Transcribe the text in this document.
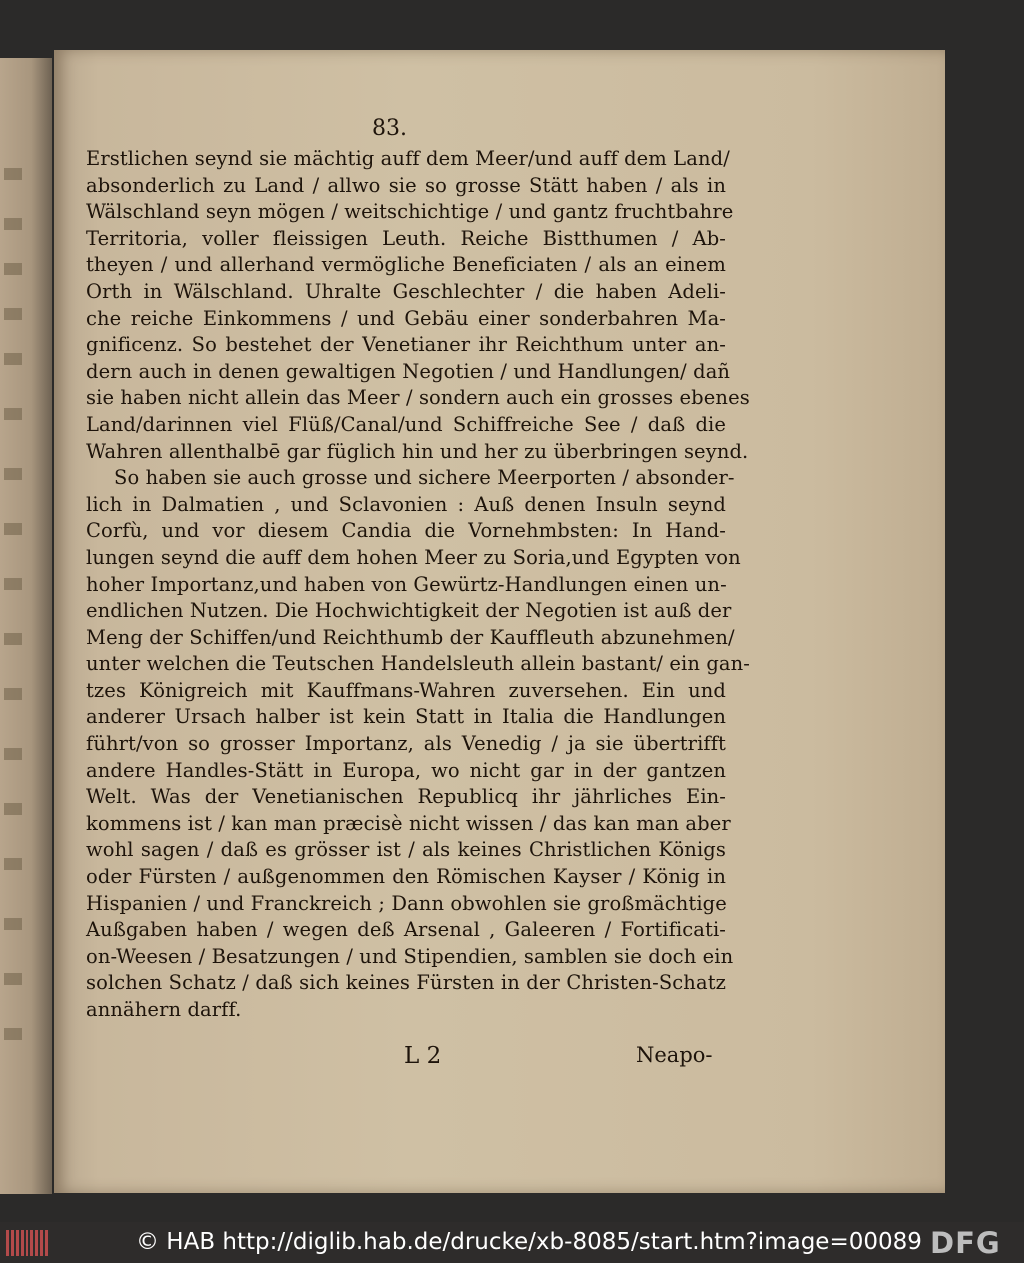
83.
Erstlichen seynd sie mächtig auff dem Meer/und auff dem Land/
absonderlich zu Land / allwo sie so grosse Stätt haben / als in
Wälschland seyn mögen / weitschichtige / und gantz fruchtbahre
Territoria, voller fleissigen Leuth. Reiche Bistthumen / Ab-
theyen / und allerhand vermögliche Beneficiaten / als an einem
Orth in Wälschland. Uhralte Geschlechter / die haben Adeli-
che reiche Einkommens / und Gebäu einer sonderbahren Ma-
gnificenz. So bestehet der Venetianer ihr Reichthum unter an-
dern auch in denen gewaltigen Negotien / und Handlungen/ dañ
sie haben nicht allein das Meer / sondern auch ein grosses ebenes
Land/darinnen viel Flüß/Canal/und Schiffreiche See / daß die
Wahren allenthalbē gar füglich hin und her zu überbringen seynd.
So haben sie auch grosse und sichere Meerporten / absonder-
lich in Dalmatien , und Sclavonien : Auß denen Insuln seynd
Corfù, und vor diesem Candia die Vornehmbsten: In Hand-
lungen seynd die auff dem hohen Meer zu Soria,und Egypten von
hoher Importanz,und haben von Gewürtz-Handlungen einen un-
endlichen Nutzen. Die Hochwichtigkeit der Negotien ist auß der
Meng der Schiffen/und Reichthumb der Kauffleuth abzunehmen/
unter welchen die Teutschen Handelsleuth allein bastant/ ein gan-
tzes Königreich mit Kauffmans-Wahren zuversehen. Ein und
anderer Ursach halber ist kein Statt in Italia die Handlungen
führt/von so grosser Importanz, als Venedig / ja sie übertrifft
andere Handles-Stätt in Europa, wo nicht gar in der gantzen
Welt. Was der Venetianischen Republicq ihr jährliches Ein-
kommens ist / kan man præcisè nicht wissen / das kan man aber
wohl sagen / daß es grösser ist / als keines Christlichen Königs
oder Fürsten / außgenommen den Römischen Kayser / König in
Hispanien / und Franckreich ; Dann obwohlen sie großmächtige
Außgaben haben / wegen deß Arsenal , Galeeren / Fortificati-
on-Weesen / Besatzungen / und Stipendien, samblen sie doch ein
solchen Schatz / daß sich keines Fürsten in der Christen-Schatz
annähern darff.
L 2	Neapo-
© HAB http://diglib.hab.de/drucke/xb-8085/start.htm?image=00089 DFG
